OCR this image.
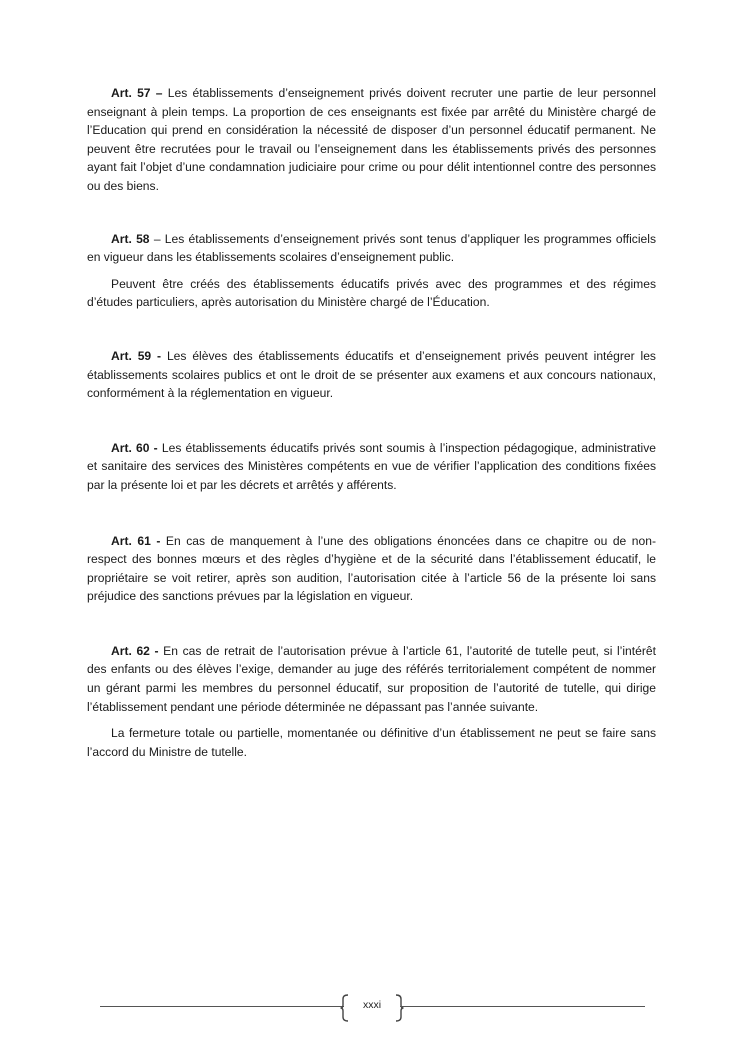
Art. 57 – Les établissements d’enseignement privés doivent recruter une partie de leur personnel enseignant à plein temps. La proportion de ces enseignants est fixée par arrêté du Ministère chargé de l’Education qui prend en considération la nécessité de disposer d’un personnel éducatif permanent. Ne peuvent être recrutées pour le travail ou l’enseignement dans les établissements privés des personnes ayant fait l’objet d’une condamnation judiciaire pour crime ou pour délit intentionnel contre des personnes ou des biens.

Art. 58 – Les établissements d’enseignement privés sont tenus d’appliquer les programmes officiels en vigueur dans les établissements scolaires d’enseignement public.

Peuvent être créés des établissements éducatifs privés avec des programmes et des régimes d’études particuliers, après autorisation du Ministère chargé de l’Éducation.

Art. 59 - Les élèves des établissements éducatifs et d’enseignement privés peuvent intégrer les établissements scolaires publics et ont le droit de se présenter aux examens et aux concours nationaux, conformément à la réglementation en vigueur.

Art. 60 - Les établissements éducatifs privés sont soumis à l’inspection pédagogique, administrative et sanitaire des services des Ministères compétents en vue de vérifier l’application des conditions fixées par la présente loi et par les décrets et arrêtés y afférents.

Art. 61 - En cas de manquement à l’une des obligations énoncées dans ce chapitre ou de non-respect des bonnes mœurs et des règles d’hygiène et de la sécurité dans l’établissement éducatif, le propriétaire se voit retirer, après son audition, l’autorisation citée à l’article 56 de la présente loi sans préjudice des sanctions prévues par la législation en vigueur.

Art. 62 - En cas de retrait de l’autorisation prévue à l’article 61, l’autorité de tutelle peut, si l’intérêt des enfants ou des élèves l’exige, demander au juge des référés territorialement compétent de nommer un gérant parmi les membres du personnel éducatif, sur proposition de l’autorité de tutelle, qui dirige l’établissement pendant une période déterminée ne dépassant pas l’année suivante.

La fermeture totale ou partielle, momentanée ou définitive d’un établissement ne peut se faire sans l’accord du Ministre de tutelle.

xxxi
